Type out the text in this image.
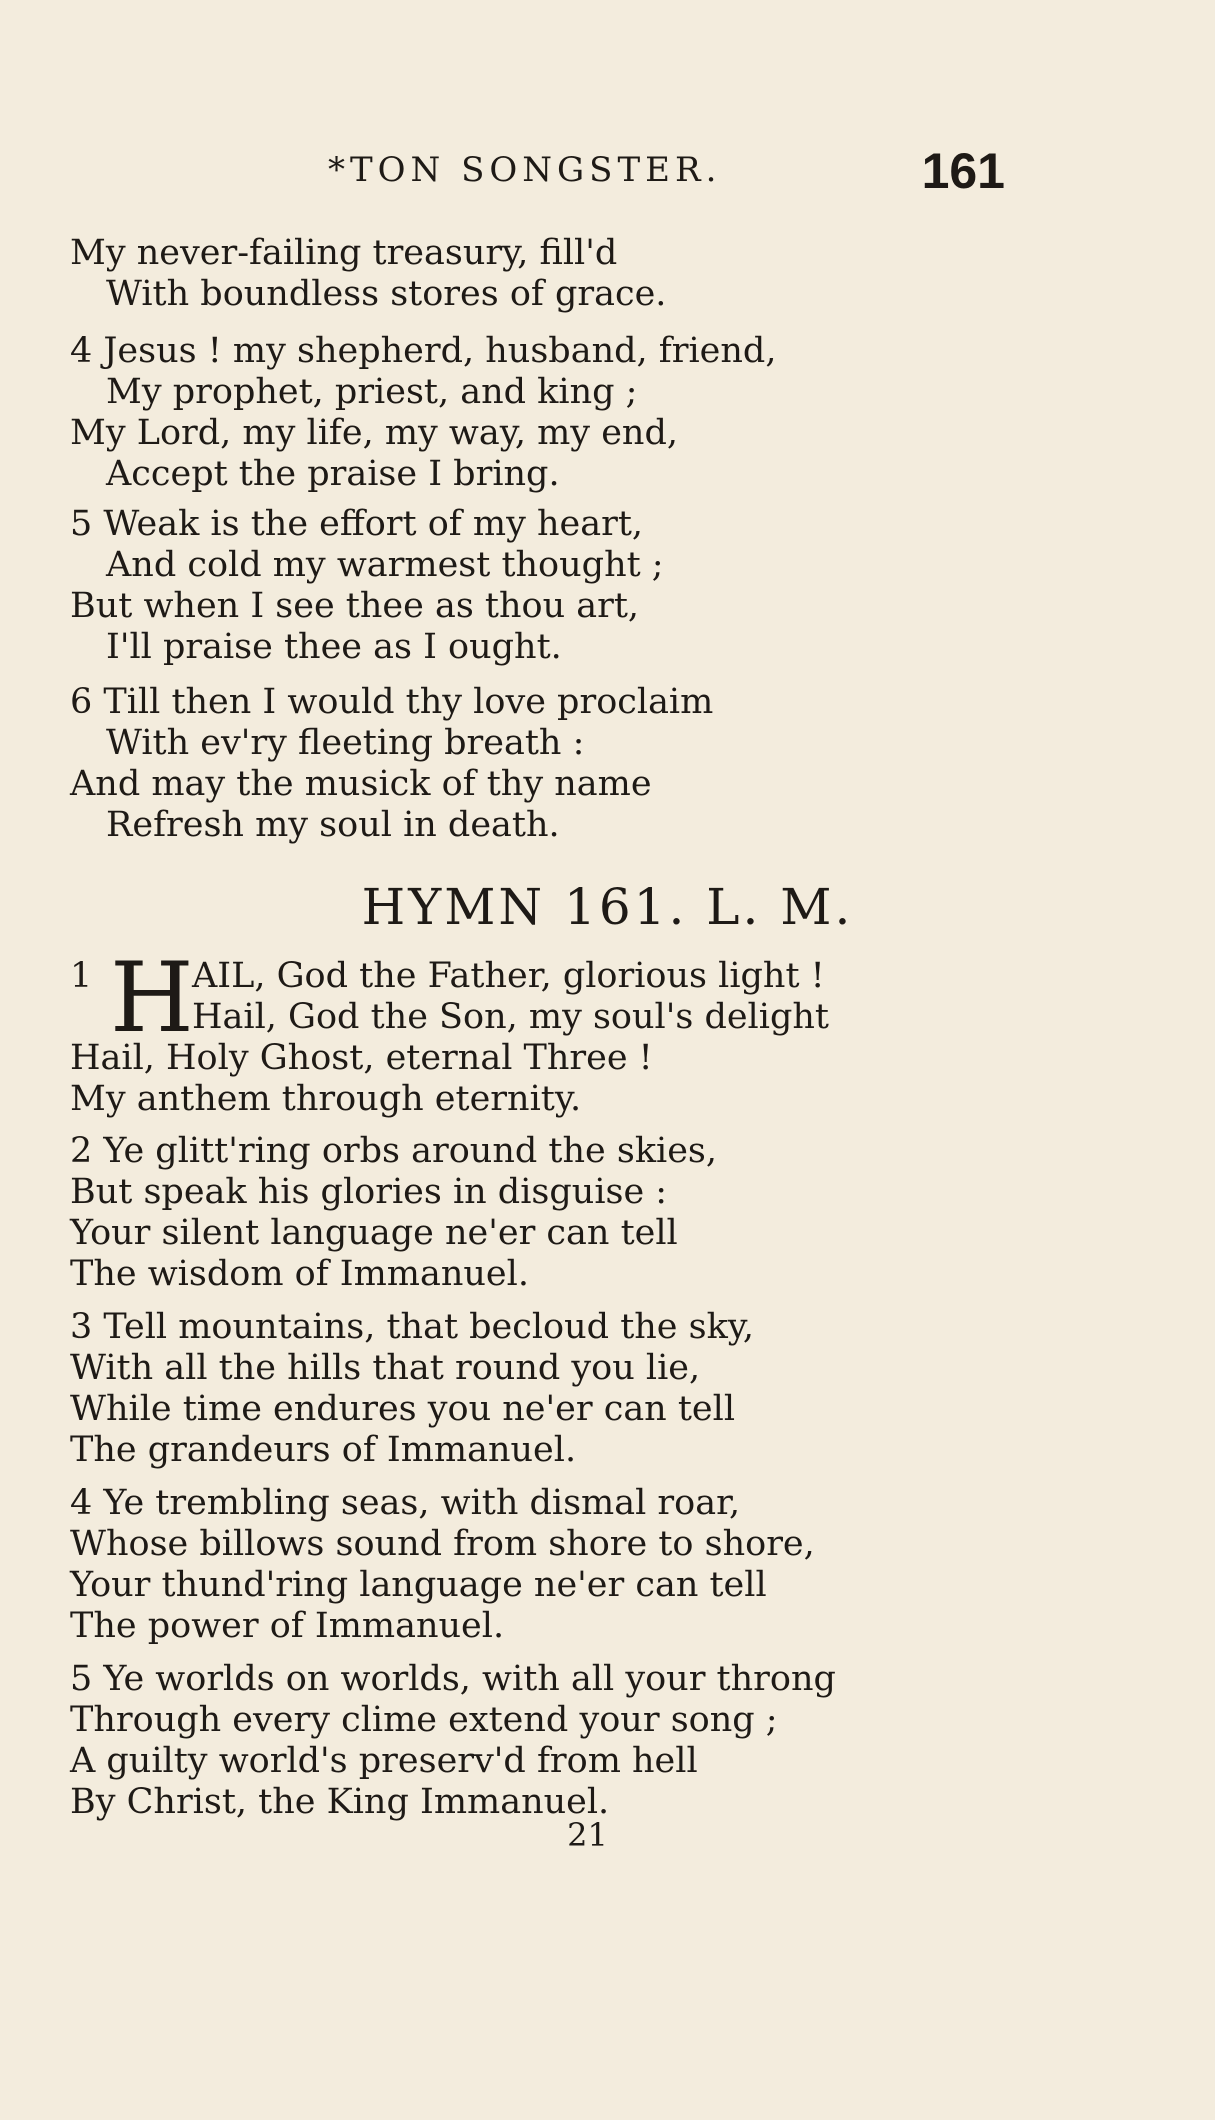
*TON SONGSTER.	161
My never-failing treasury, fill'd
With boundless stores of grace.
4 Jesus ! my shepherd, husband, friend,
My prophet, priest, and king ;
My Lord, my life, my way, my end,
Accept the praise I bring.
5 Weak is the effort of my heart,
And cold my warmest thought ;
But when I see thee as thou art,
I'll praise thee as I ought.
6 Till then I would thy love proclaim
With ev'ry fleeting breath :
And may the musick of thy name
Refresh my soul in death.
HYMN 161. L. M.
1 H
AIL, God the Father, glorious light !
Hail, God the Son, my soul's delight
Hail, Holy Ghost, eternal Three !
My anthem through eternity.
2 Ye glitt'ring orbs around the skies,
But speak his glories in disguise :
Your silent language ne'er can tell
The wisdom of Immanuel.
3 Tell mountains, that becloud the sky,
With all the hills that round you lie,
While time endures you ne'er can tell
The grandeurs of Immanuel.
4 Ye trembling seas, with dismal roar,
Whose billows sound from shore to shore,
Your thund'ring language ne'er can tell
The power of Immanuel.
5 Ye worlds on worlds, with all your throng
Through every clime extend your song ;
A guilty world's preserv'd from hell
By Christ, the King Immanuel.
21
